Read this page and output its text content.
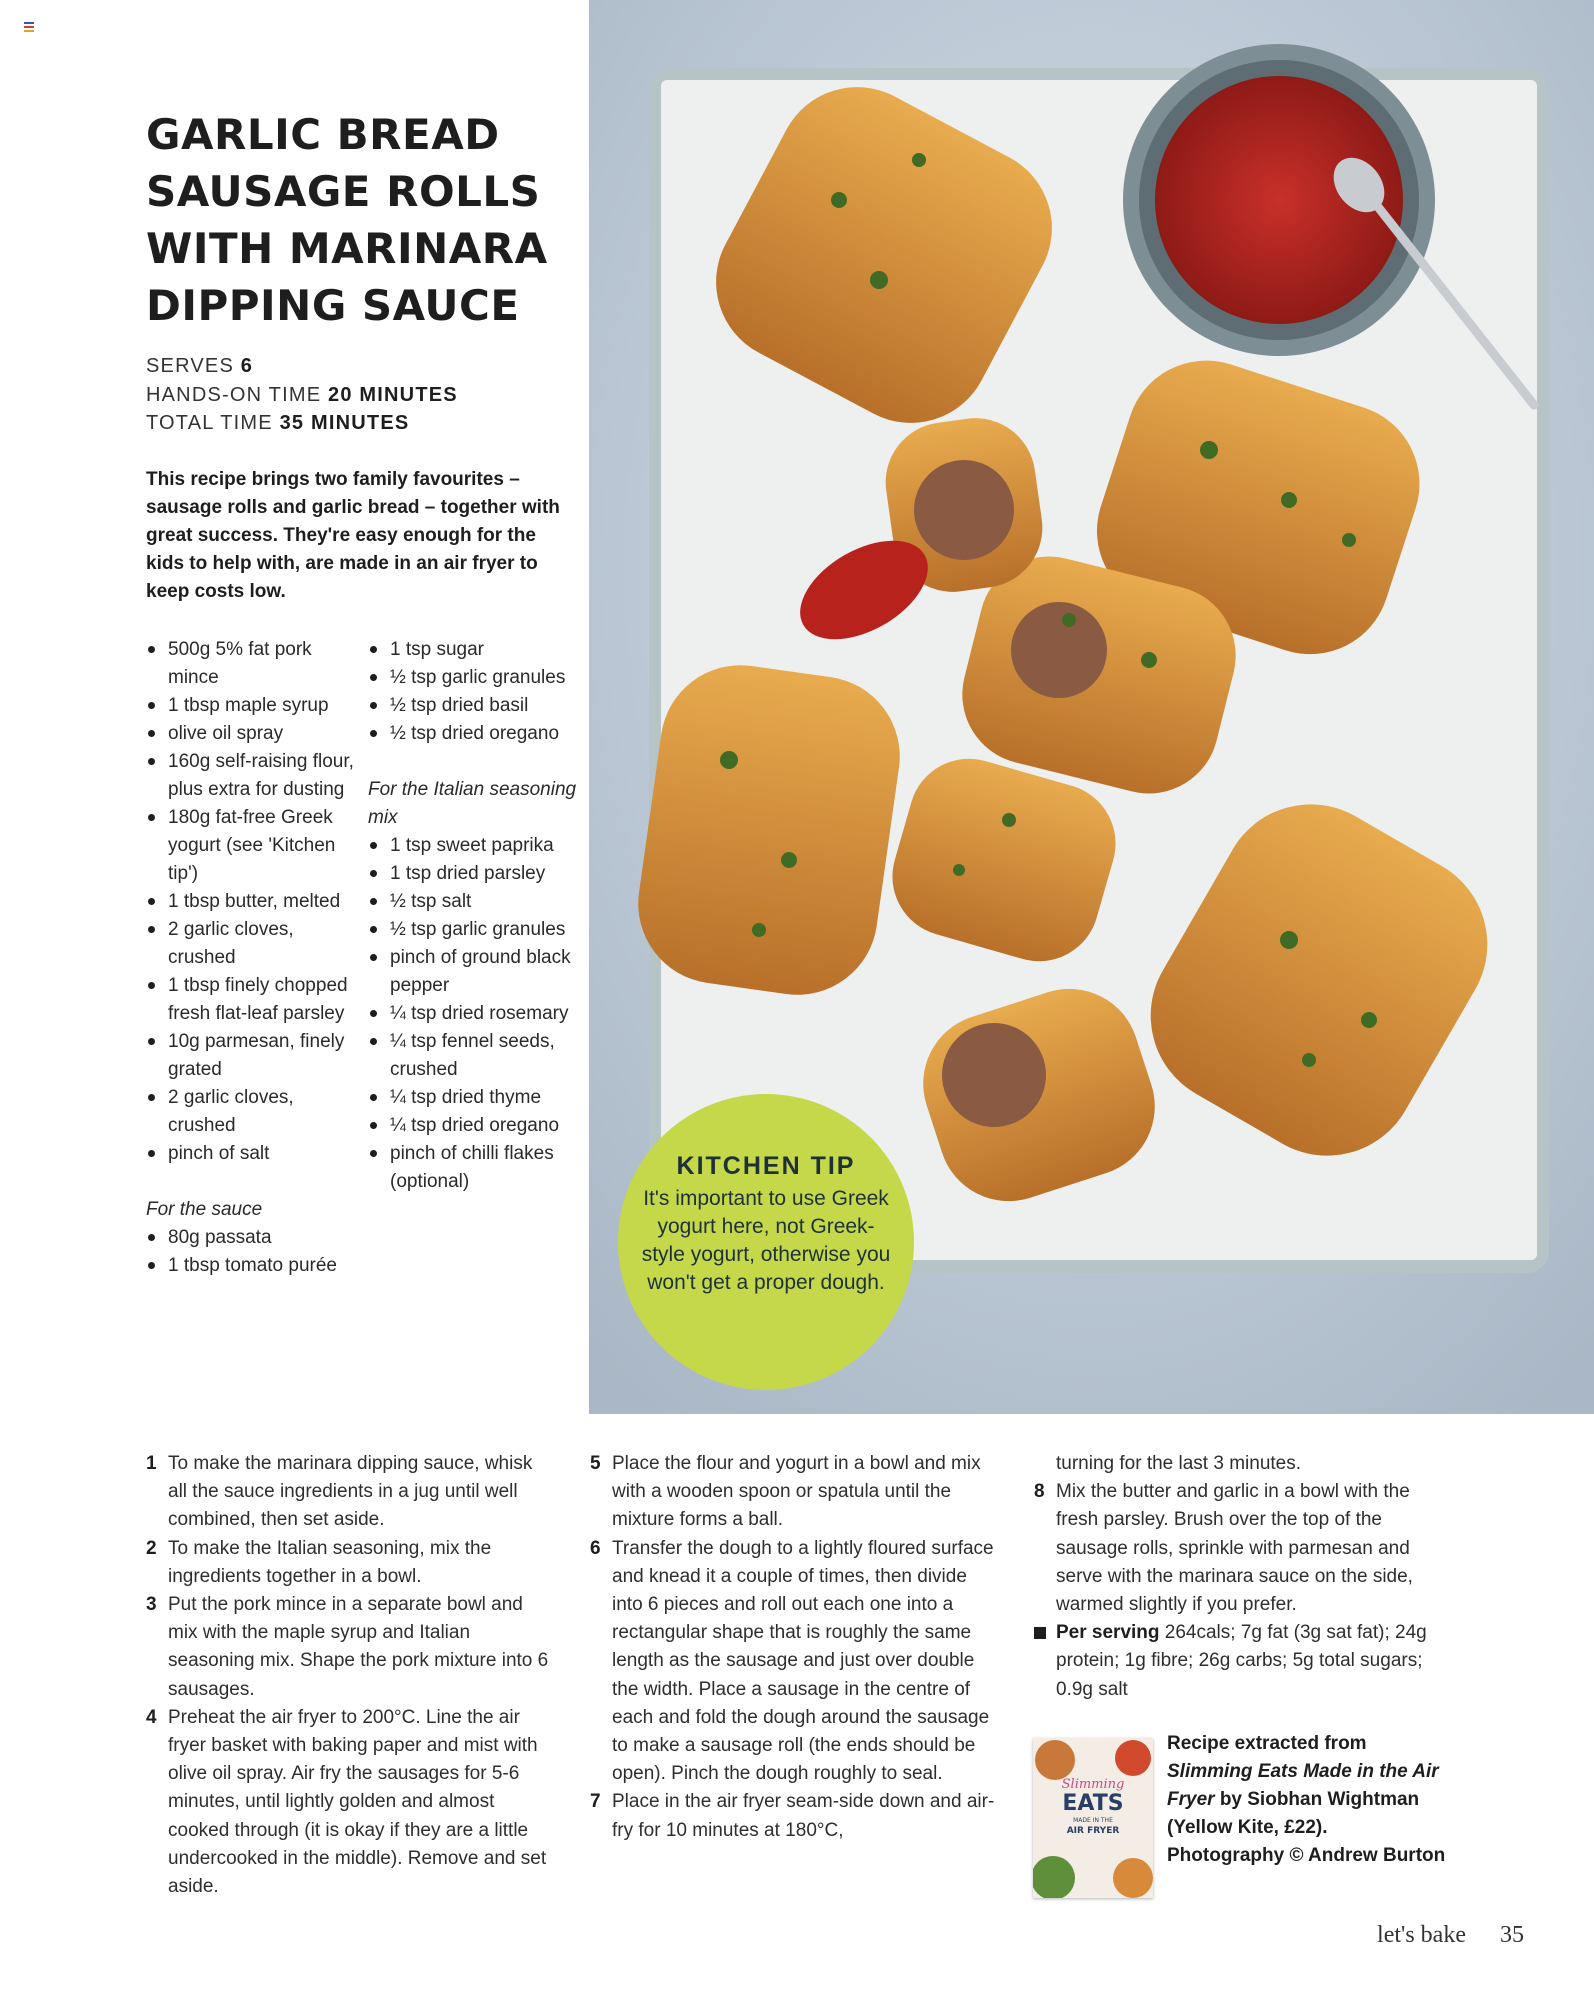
GARLIC BREAD SAUSAGE ROLLS WITH MARINARA DIPPING SAUCE
SERVES 6
HANDS-ON TIME 20 MINUTES
TOTAL TIME 35 MINUTES

This recipe brings two family favourites – sausage rolls and garlic bread – together with great success. They're easy enough for the kids to help with, are made in an air fryer to keep costs low.

500g 5% fat pork mince
1 tbsp maple syrup
olive oil spray
160g self-raising flour, plus extra for dusting
180g fat-free Greek yogurt (see 'Kitchen tip')
1 tbsp butter, melted
2 garlic cloves, crushed
1 tbsp finely chopped fresh flat-leaf parsley
10g parmesan, finely grated
2 garlic cloves, crushed
pinch of salt
For the sauce
80g passata
1 tbsp tomato purée
1 tsp sugar
½ tsp garlic granules
½ tsp dried basil
½ tsp dried oregano
For the Italian seasoning mix
1 tsp sweet paprika
1 tsp dried parsley
½ tsp salt
½ tsp garlic granules
pinch of ground black pepper
¼ tsp dried rosemary
¼ tsp fennel seeds, crushed
¼ tsp dried thyme
¼ tsp dried oregano
pinch of chilli flakes (optional)
KITCHEN TIP
It's important to use Greek yogurt here, not Greek-style yogurt, otherwise you won't get a proper dough.
1 To make the marinara dipping sauce, whisk all the sauce ingredients in a jug until well combined, then set aside.
2 To make the Italian seasoning, mix the ingredients together in a bowl.
3 Put the pork mince in a separate bowl and mix with the maple syrup and Italian seasoning mix. Shape the pork mixture into 6 sausages.
4 Preheat the air fryer to 200°C. Line the air fryer basket with baking paper and mist with olive oil spray. Air fry the sausages for 5-6 minutes, until lightly golden and almost cooked through (it is okay if they are a little undercooked in the middle). Remove and set aside.
5 Place the flour and yogurt in a bowl and mix with a wooden spoon or spatula until the mixture forms a ball.
6 Transfer the dough to a lightly floured surface and knead it a couple of times, then divide into 6 pieces and roll out each one into a rectangular shape that is roughly the same length as the sausage and just over double the width. Place a sausage in the centre of each and fold the dough around the sausage to make a sausage roll (the ends should be open). Pinch the dough roughly to seal.
7 Place in the air fryer seam-side down and air-fry for 10 minutes at 180°C,
turning for the last 3 minutes.
8 Mix the butter and garlic in a bowl with the fresh parsley. Brush over the top of the sausage rolls, sprinkle with parmesan and serve with the marinara sauce on the side, warmed slightly if you prefer.
Per serving 264cals; 7g fat (3g sat fat); 24g protein; 1g fibre; 26g carbs; 5g total sugars; 0.9g salt
Slimming
EATS
MADE IN THE
AIR FRYER
Recipe extracted from Slimming Eats Made in the Air Fryer by Siobhan Wightman (Yellow Kite, £22). Photography © Andrew Burton
let's bake 35
